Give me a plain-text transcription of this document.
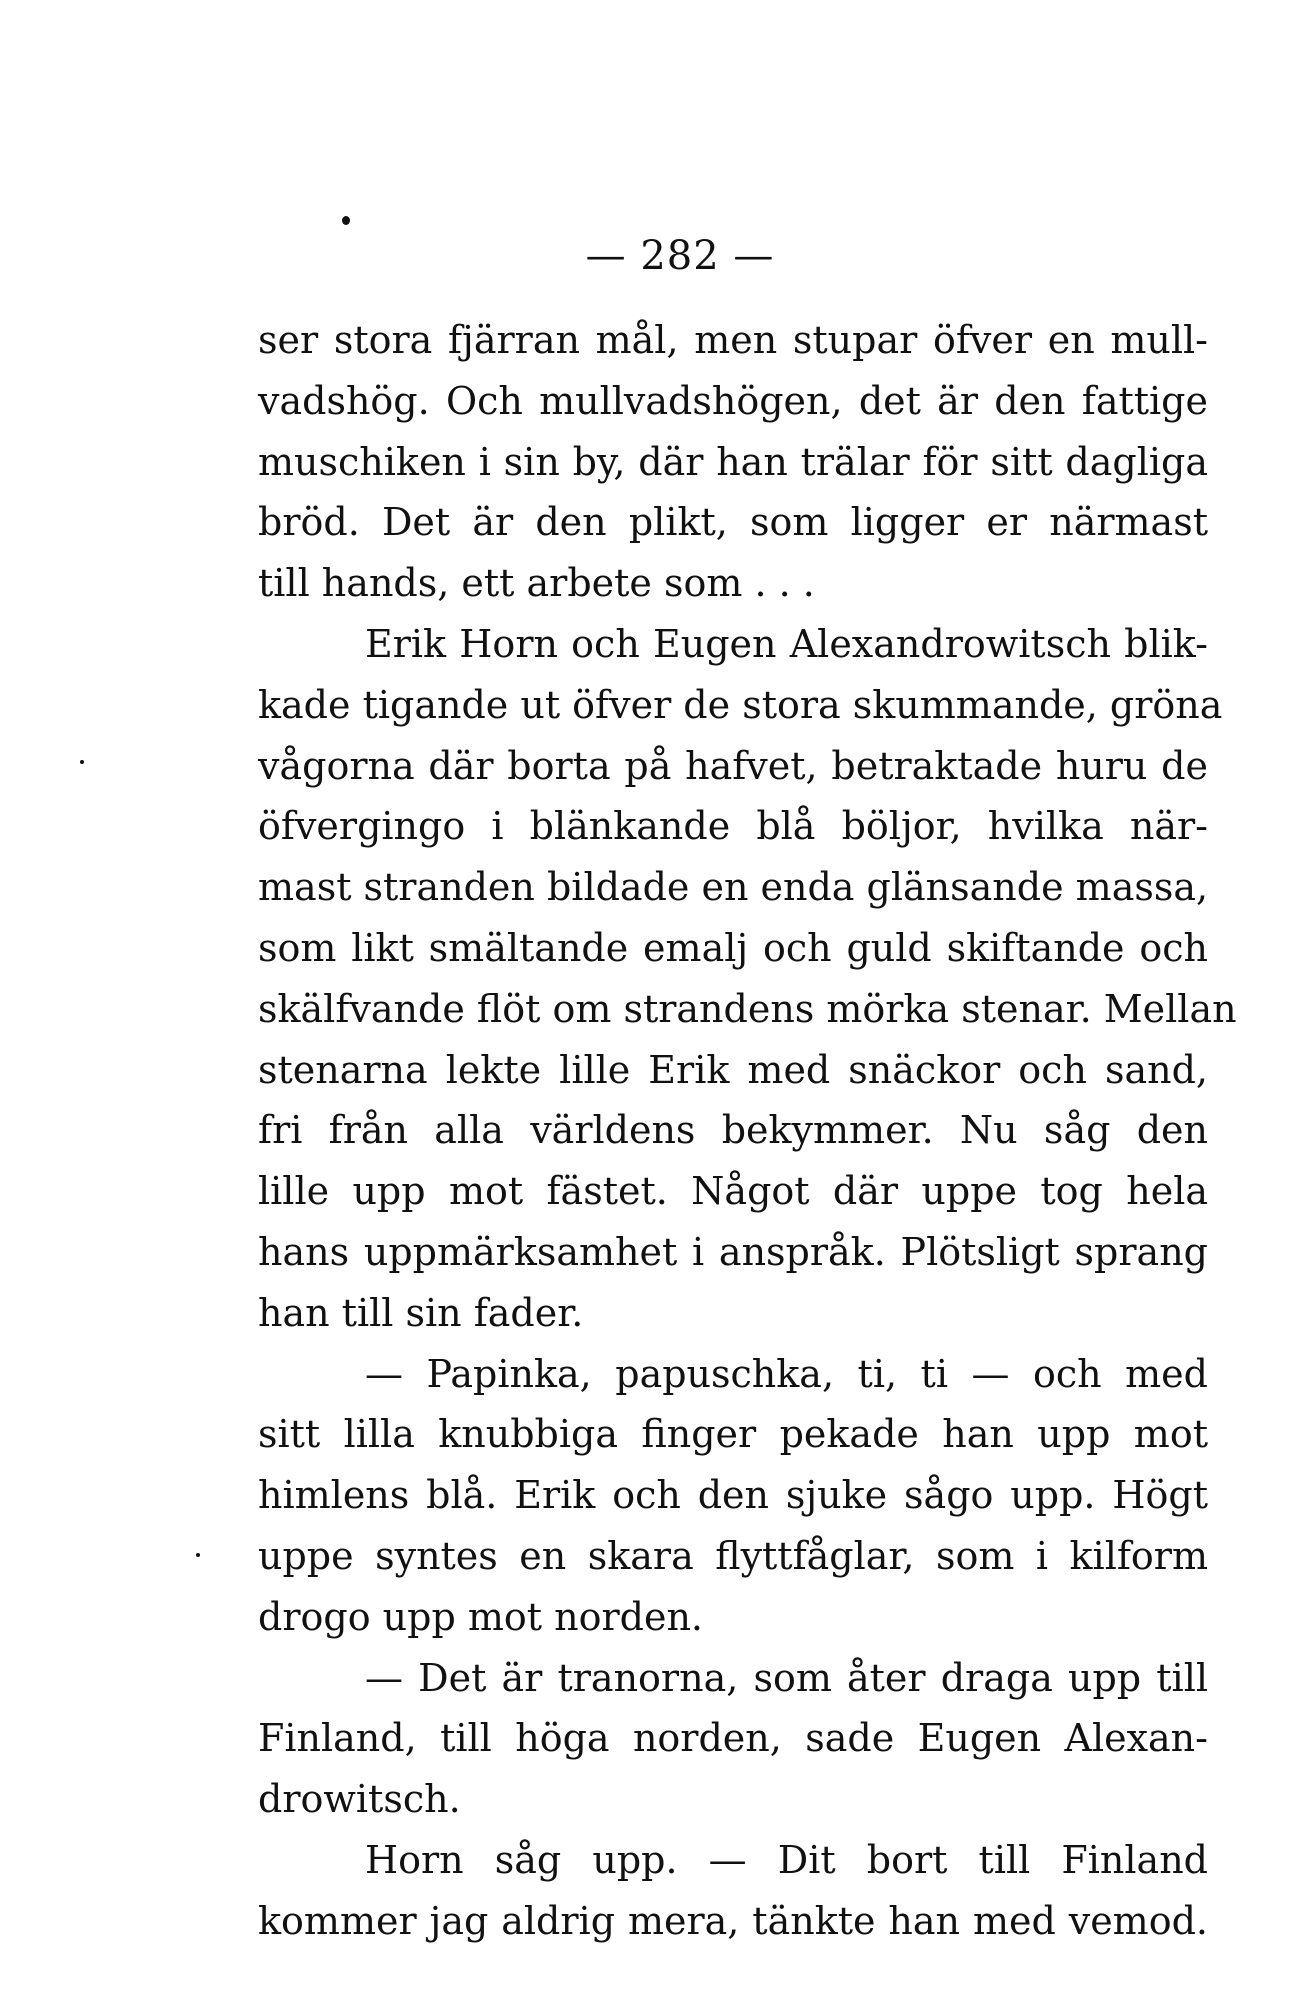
— 282 —
ser stora fjärran mål, men stupar öfver en mull-
vadshög. Och mullvadshögen, det är den fattige
muschiken i sin by, där han trälar för sitt dagliga
bröd. Det är den plikt, som ligger er närmast
till hands, ett arbete som . . .
Erik Horn och Eugen Alexandrowitsch blik-
kade tigande ut öfver de stora skummande, gröna
vågorna där borta på hafvet, betraktade huru de
öfvergingo i blänkande blå böljor, hvilka när-
mast stranden bildade en enda glänsande massa,
som likt smältande emalj och guld skiftande och
skälfvande flöt om strandens mörka stenar. Mellan
stenarna lekte lille Erik med snäckor och sand,
fri från alla världens bekymmer. Nu såg den
lille upp mot fästet. Något där uppe tog hela
hans uppmärksamhet i anspråk. Plötsligt sprang
han till sin fader.
— Papinka, papuschka, ti, ti — och med
sitt lilla knubbiga finger pekade han upp mot
himlens blå. Erik och den sjuke sågo upp. Högt
uppe syntes en skara flyttfåglar, som i kilform
drogo upp mot norden.
— Det är tranorna, som åter draga upp till
Finland, till höga norden, sade Eugen Alexan-
drowitsch.
Horn såg upp. — Dit bort till Finland
kommer jag aldrig mera, tänkte han med vemod.
